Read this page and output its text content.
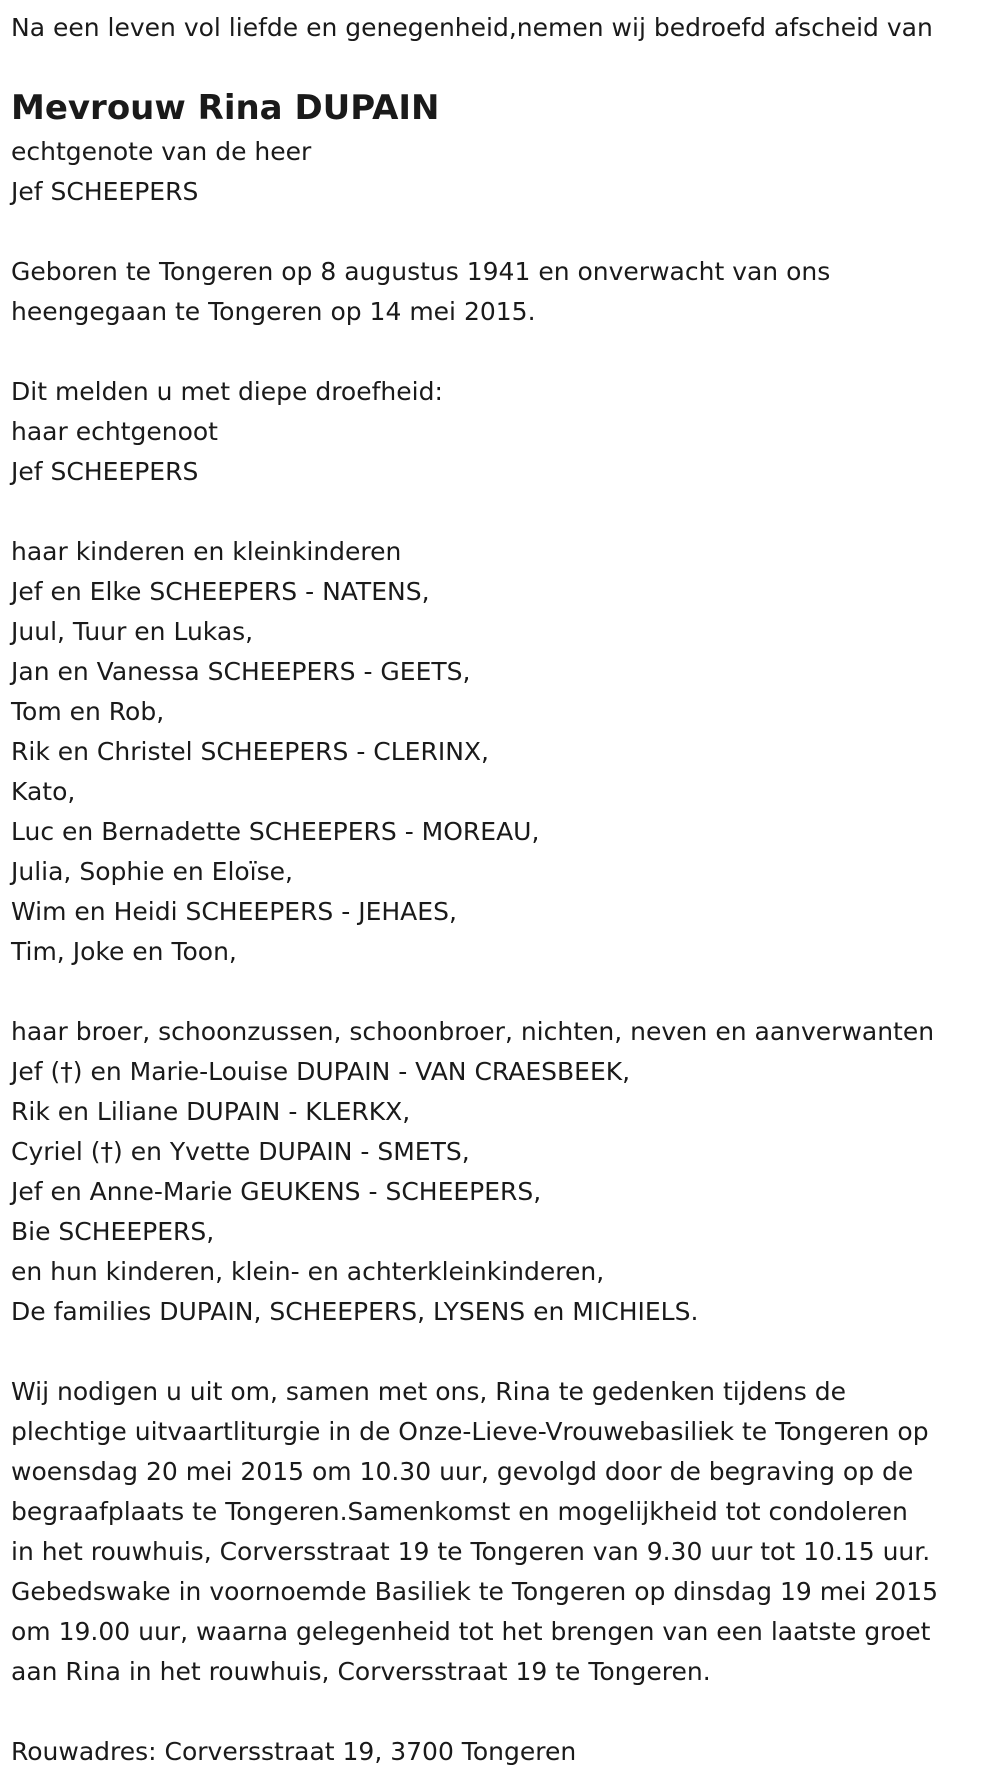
Na een leven vol liefde en genegenheid,nemen wij bedroefd afscheid van
Mevrouw Rina DUPAIN
echtgenote van de heer
Jef SCHEEPERS
Geboren te Tongeren op 8 augustus 1941 en onverwacht van ons
heengegaan te Tongeren op 14 mei 2015.
Dit melden u met diepe droefheid:
haar echtgenoot
Jef SCHEEPERS
haar kinderen en kleinkinderen
Jef en Elke SCHEEPERS - NATENS,
Juul, Tuur en Lukas,
Jan en Vanessa SCHEEPERS - GEETS,
Tom en Rob,
Rik en Christel SCHEEPERS - CLERINX,
Kato,
Luc en Bernadette SCHEEPERS - MOREAU,
Julia, Sophie en Eloïse,
Wim en Heidi SCHEEPERS - JEHAES,
Tim, Joke en Toon,
haar broer, schoonzussen, schoonbroer, nichten, neven en aanverwanten
Jef (†) en Marie-Louise DUPAIN - VAN CRAESBEEK,
Rik en Liliane DUPAIN - KLERKX,
Cyriel (†) en Yvette DUPAIN - SMETS,
Jef en Anne-Marie GEUKENS - SCHEEPERS,
Bie SCHEEPERS,
en hun kinderen, klein- en achterkleinkinderen,
De families DUPAIN, SCHEEPERS, LYSENS en MICHIELS.
Wij nodigen u uit om, samen met ons, Rina te gedenken tijdens de
plechtige uitvaartliturgie in de Onze-Lieve-Vrouwebasiliek te Tongeren op
woensdag 20 mei 2015 om 10.30 uur, gevolgd door de begraving op de
begraafplaats te Tongeren.Samenkomst en mogelijkheid tot condoleren
in het rouwhuis, Corversstraat 19 te Tongeren van 9.30 uur tot 10.15 uur.
Gebedswake in voornoemde Basiliek te Tongeren op dinsdag 19 mei 2015
om 19.00 uur, waarna gelegenheid tot het brengen van een laatste groet
aan Rina in het rouwhuis, Corversstraat 19 te Tongeren.
Rouwadres: Corversstraat 19, 3700 Tongeren
